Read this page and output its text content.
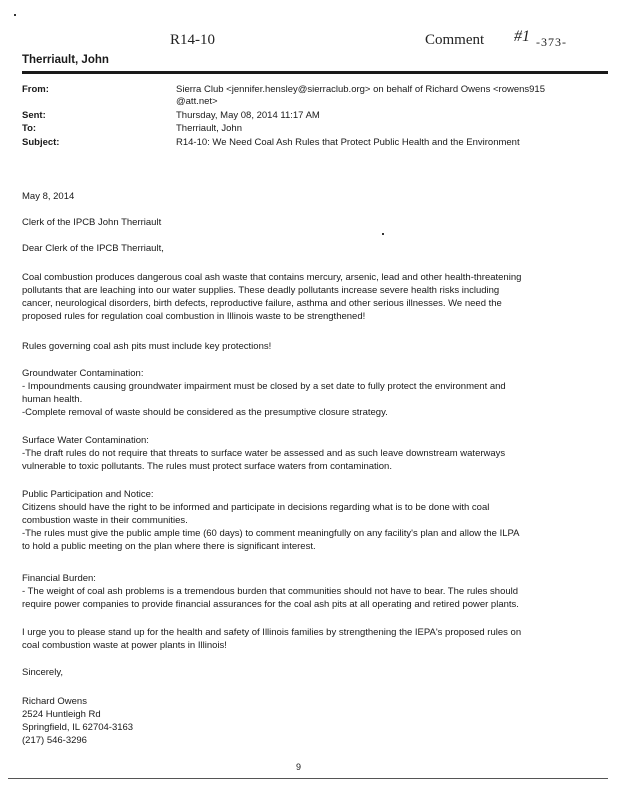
R14-10	Comment #1 -373-
Therriault, John
From:	Sierra Club <jennifer.hensley@sierraclub.org> on behalf of Richard Owens <rowens915
@att.net>
Sent:	Thursday, May 08, 2014 11:17 AM
To:	Therriault, John
Subject:	R14-10: We Need Coal Ash Rules that Protect Public Health and the Environment
May 8, 2014
Clerk of the IPCB John Therriault
Dear Clerk of the IPCB Therriault,
Coal combustion produces dangerous coal ash waste that contains mercury, arsenic, lead and other health-threatening
pollutants that are leaching into our water supplies. These deadly pollutants increase severe health risks including
cancer, neurological disorders, birth defects, reproductive failure, asthma and other serious illnesses. We need the
proposed rules for regulation coal combustion in Illinois waste to be strengthened!
Rules governing coal ash pits must include key protections!
Groundwater Contamination:
- Impoundments causing groundwater impairment must be closed by a set date to fully protect the environment and
human health.
-Complete removal of waste should be considered as the presumptive closure strategy.
Surface Water Contamination:
-The draft rules do not require that threats to surface water be assessed and as such leave downstream waterways
vulnerable to toxic pollutants. The rules must protect surface waters from contamination.
Public Participation and Notice:
Citizens should have the right to be informed and participate in decisions regarding what is to be done with coal
combustion waste in their communities.
-The rules must give the public ample time (60 days) to comment meaningfully on any facility's plan and allow the ILPA
to hold a public meeting on the plan where there is significant interest.
Financial Burden:
- The weight of coal ash problems is a tremendous burden that communities should not have to bear. The rules should
require power companies to provide financial assurances for the coal ash pits at all operating and retired power plants.
I urge you to please stand up for the health and safety of Illinois families by strengthening the IEPA's proposed rules on
coal combustion waste at power plants in Illinois!
Sincerely,
Richard Owens
2524 Huntleigh Rd
Springfield, IL 62704-3163
(217) 546-3296
9
